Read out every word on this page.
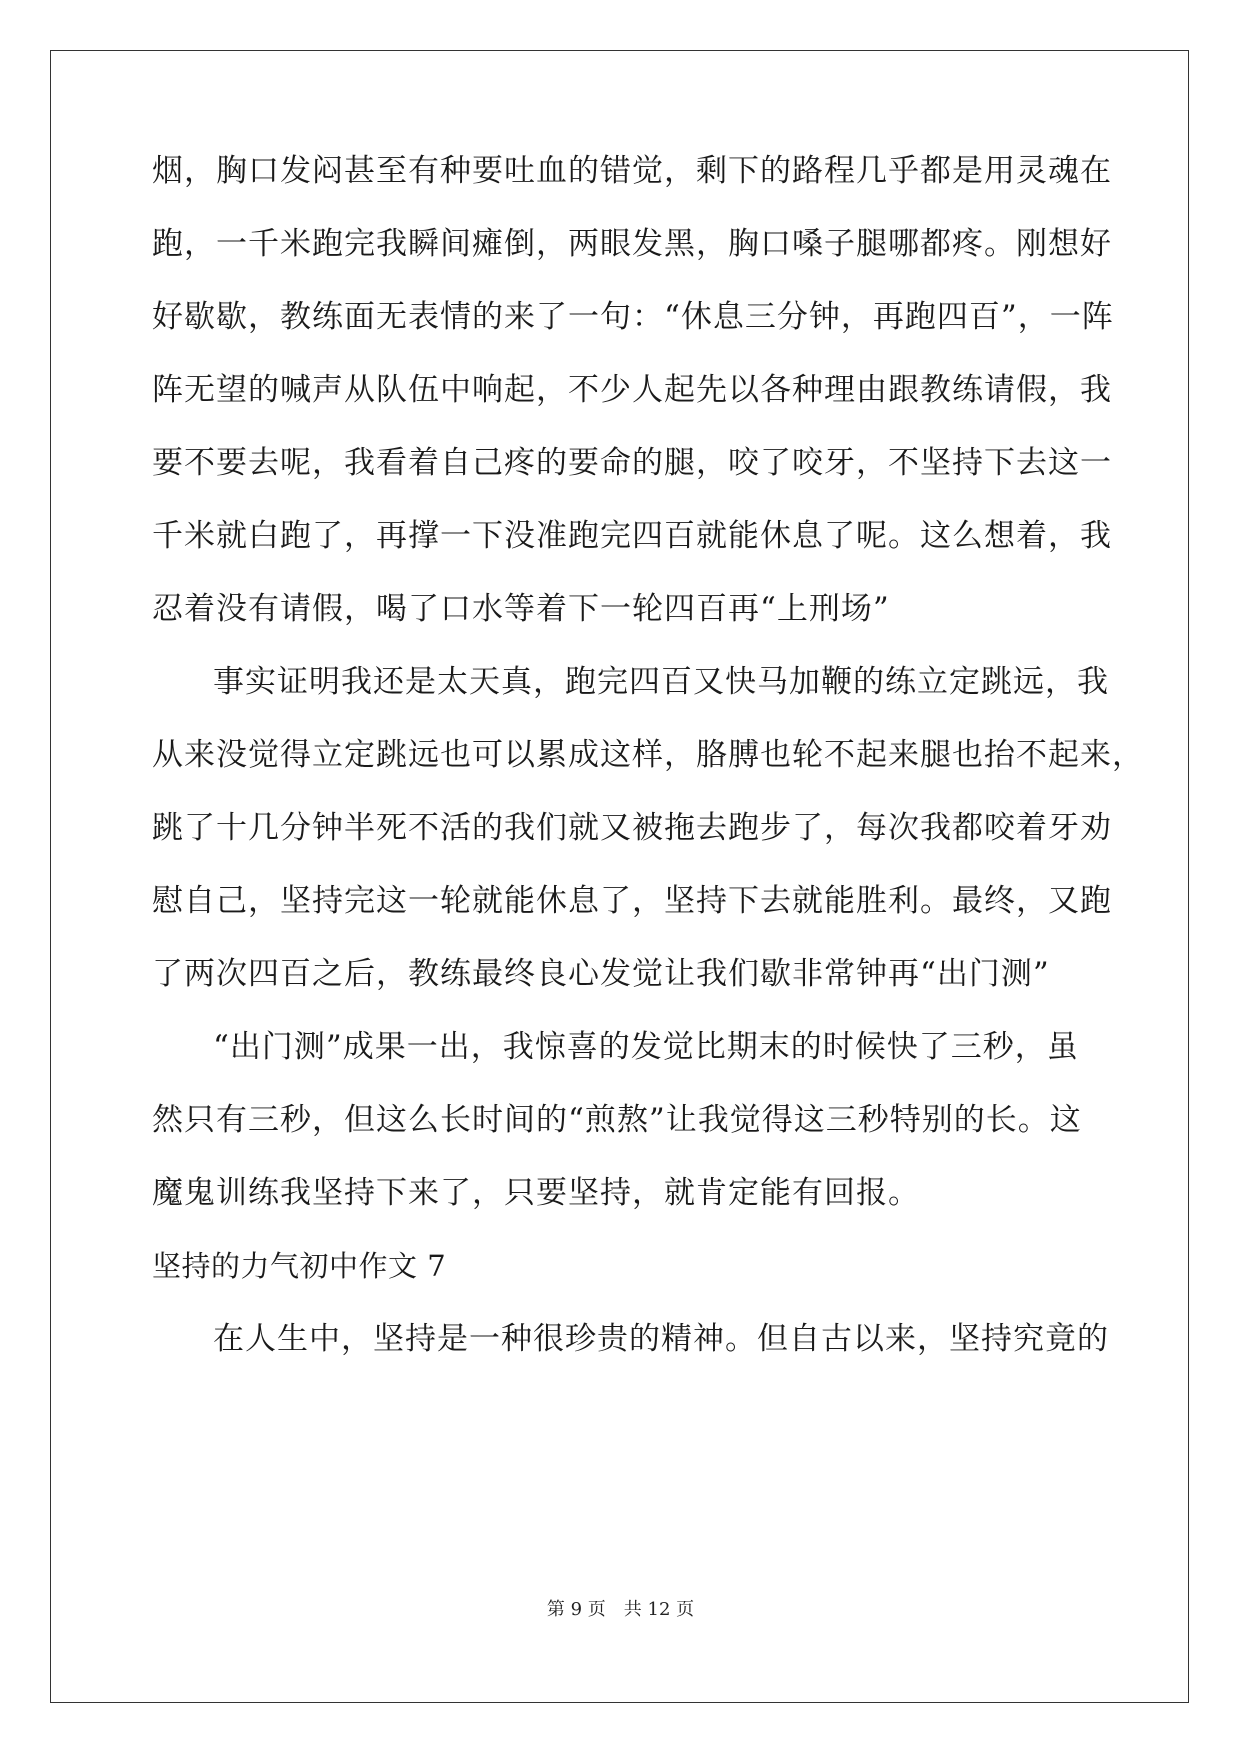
烟，胸口发闷甚至有种要吐血的错觉，剩下的路程几乎都是用灵魂在
跑，一千米跑完我瞬间瘫倒，两眼发黑，胸口嗓子腿哪都疼。刚想好
好歇歇，教练面无表情的来了一句：“休息三分钟，再跑四百”，一阵
阵无望的喊声从队伍中响起，不少人起先以各种理由跟教练请假，我
要不要去呢，我看着自己疼的要命的腿，咬了咬牙，不坚持下去这一
千米就白跑了，再撑一下没准跑完四百就能休息了呢。这么想着，我
忍着没有请假，喝了口水等着下一轮四百再“上刑场”
事实证明我还是太天真，跑完四百又快马加鞭的练立定跳远，我
从来没觉得立定跳远也可以累成这样，胳膊也轮不起来腿也抬不起来，
跳了十几分钟半死不活的我们就又被拖去跑步了，每次我都咬着牙劝
慰自己，坚持完这一轮就能休息了，坚持下去就能胜利。最终，又跑
了两次四百之后，教练最终良心发觉让我们歇非常钟再“出门测”
“出门测”成果一出，我惊喜的发觉比期末的时候快了三秒，虽
然只有三秒，但这么长时间的“煎熬”让我觉得这三秒特别的长。这
魔鬼训练我坚持下来了，只要坚持，就肯定能有回报。
坚持的力气初中作文 7
在人生中，坚持是一种很珍贵的精神。但自古以来，坚持究竟的
第 9 页　共 12 页
